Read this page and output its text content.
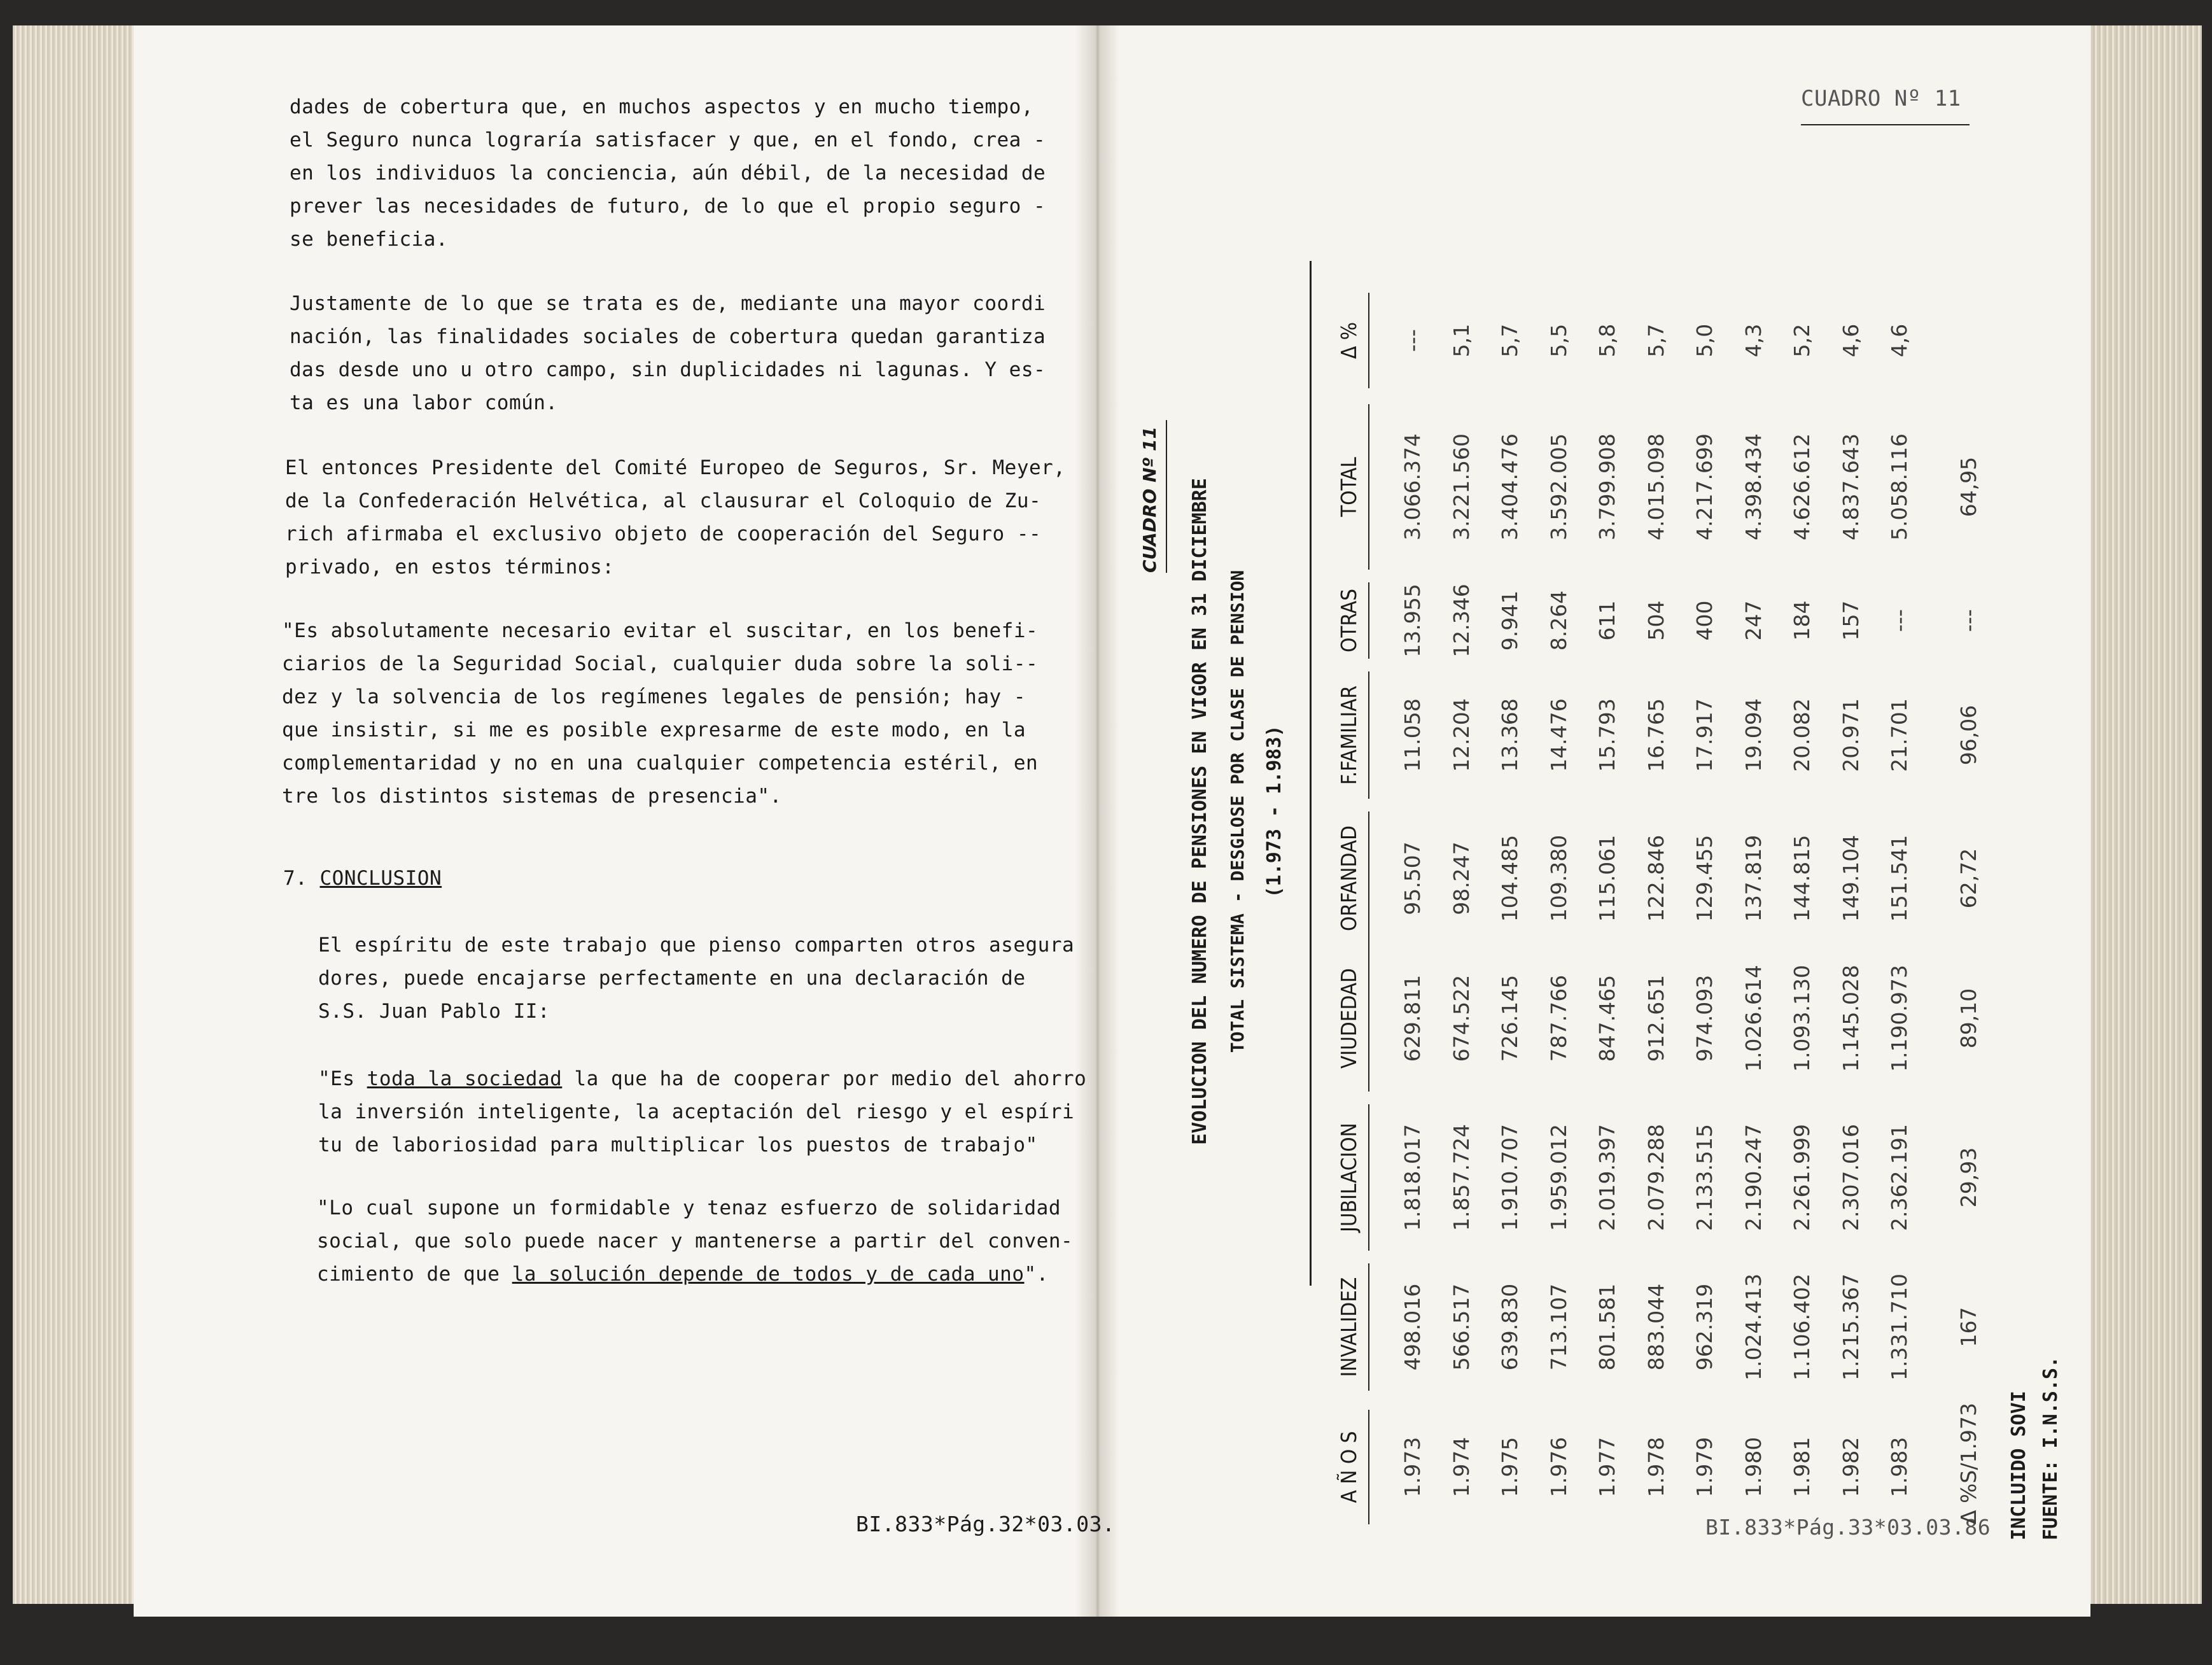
dades de cobertura que, en muchos aspectos y en mucho tiempo,
el Seguro nunca lograría satisfacer y que, en el fondo, crea -
en los individuos la conciencia, aún débil, de la necesidad de
prever las necesidades de futuro, de lo que el propio seguro -
se beneficia.
Justamente de lo que se trata es de, mediante una mayor coordi
nación, las finalidades sociales de cobertura quedan garantiza
das desde uno u otro campo, sin duplicidades ni lagunas. Y es-
ta es una labor común.
El entonces Presidente del Comité Europeo de Seguros, Sr. Meyer,
de la Confederación Helvética, al clausurar el Coloquio de Zu-
rich afirmaba el exclusivo objeto de cooperación del Seguro --
privado, en estos términos:
"Es absolutamente necesario evitar el suscitar, en los benefi-
ciarios de la Seguridad Social, cualquier duda sobre la soli--
dez y la solvencia de los regímenes legales de pensión; hay -
que insistir, si me es posible expresarme de este modo, en la
complementaridad y no en una cualquier competencia estéril, en
tre los distintos sistemas de presencia".
7. CONCLUSION
El espíritu de este trabajo que pienso comparten otros asegura
dores, puede encajarse perfectamente en una declaración de
S.S. Juan Pablo II:
"Es toda la sociedad la que ha de cooperar por medio del ahorro
la inversión inteligente, la aceptación del riesgo y el espíri
tu de laboriosidad para multiplicar los puestos de trabajo"
"Lo cual supone un formidable y tenaz esfuerzo de solidaridad
social, que solo puede nacer y mantenerse a partir del conven-
cimiento de que la solución depende de todos y de cada uno".
BI.833*Pág.32*03.03.
CUADRO Nº 11
BI.833*Pág.33*03.03.86
CUADRO Nº 11 EVOLUCION DEL NUMERO DE PENSIONES EN VIGOR EN 31 DICIEMBRE TOTAL SISTEMA - DESGLOSE POR CLASE DE PENSION (1.973 - 1.983)
A Ñ O S
INVALIDEZ
JUBILACION
VIUDEDAD
ORFANDAD
F.FAMILIAR
OTRAS
TOTAL
Δ %
1.973
498.016
1.818.017
629.811
95.507
11.058
13.955
3.066.374
---
1.974
566.517
1.857.724
674.522
98.247
12.204
12.346
3.221.560
5,1
1.975
639.830
1.910.707
726.145
104.485
13.368
9.941
3.404.476
5,7
1.976
713.107
1.959.012
787.766
109.380
14.476
8.264
3.592.005
5,5
1.977
801.581
2.019.397
847.465
115.061
15.793
611
3.799.908
5,8
1.978
883.044
2.079.288
912.651
122.846
16.765
504
4.015.098
5,7
1.979
962.319
2.133.515
974.093
129.455
17.917
400
4.217.699
5,0
1.980
1.024.413
2.190.247
1.026.614
137.819
19.094
247
4.398.434
4,3
1.981
1.106.402
2.261.999
1.093.130
144.815
20.082
184
4.626.612
5,2
1.982
1.215.367
2.307.016
1.145.028
149.104
20.971
157
4.837.643
4,6
1.983
1.331.710
2.362.191
1.190.973
151.541
21.701
---
5.058.116
4,6
Δ %S/1.973
167
29,93
89,10
62,72
96,06
---
64,95
INCLUIDO SOVI FUENTE: I.N.S.S.
